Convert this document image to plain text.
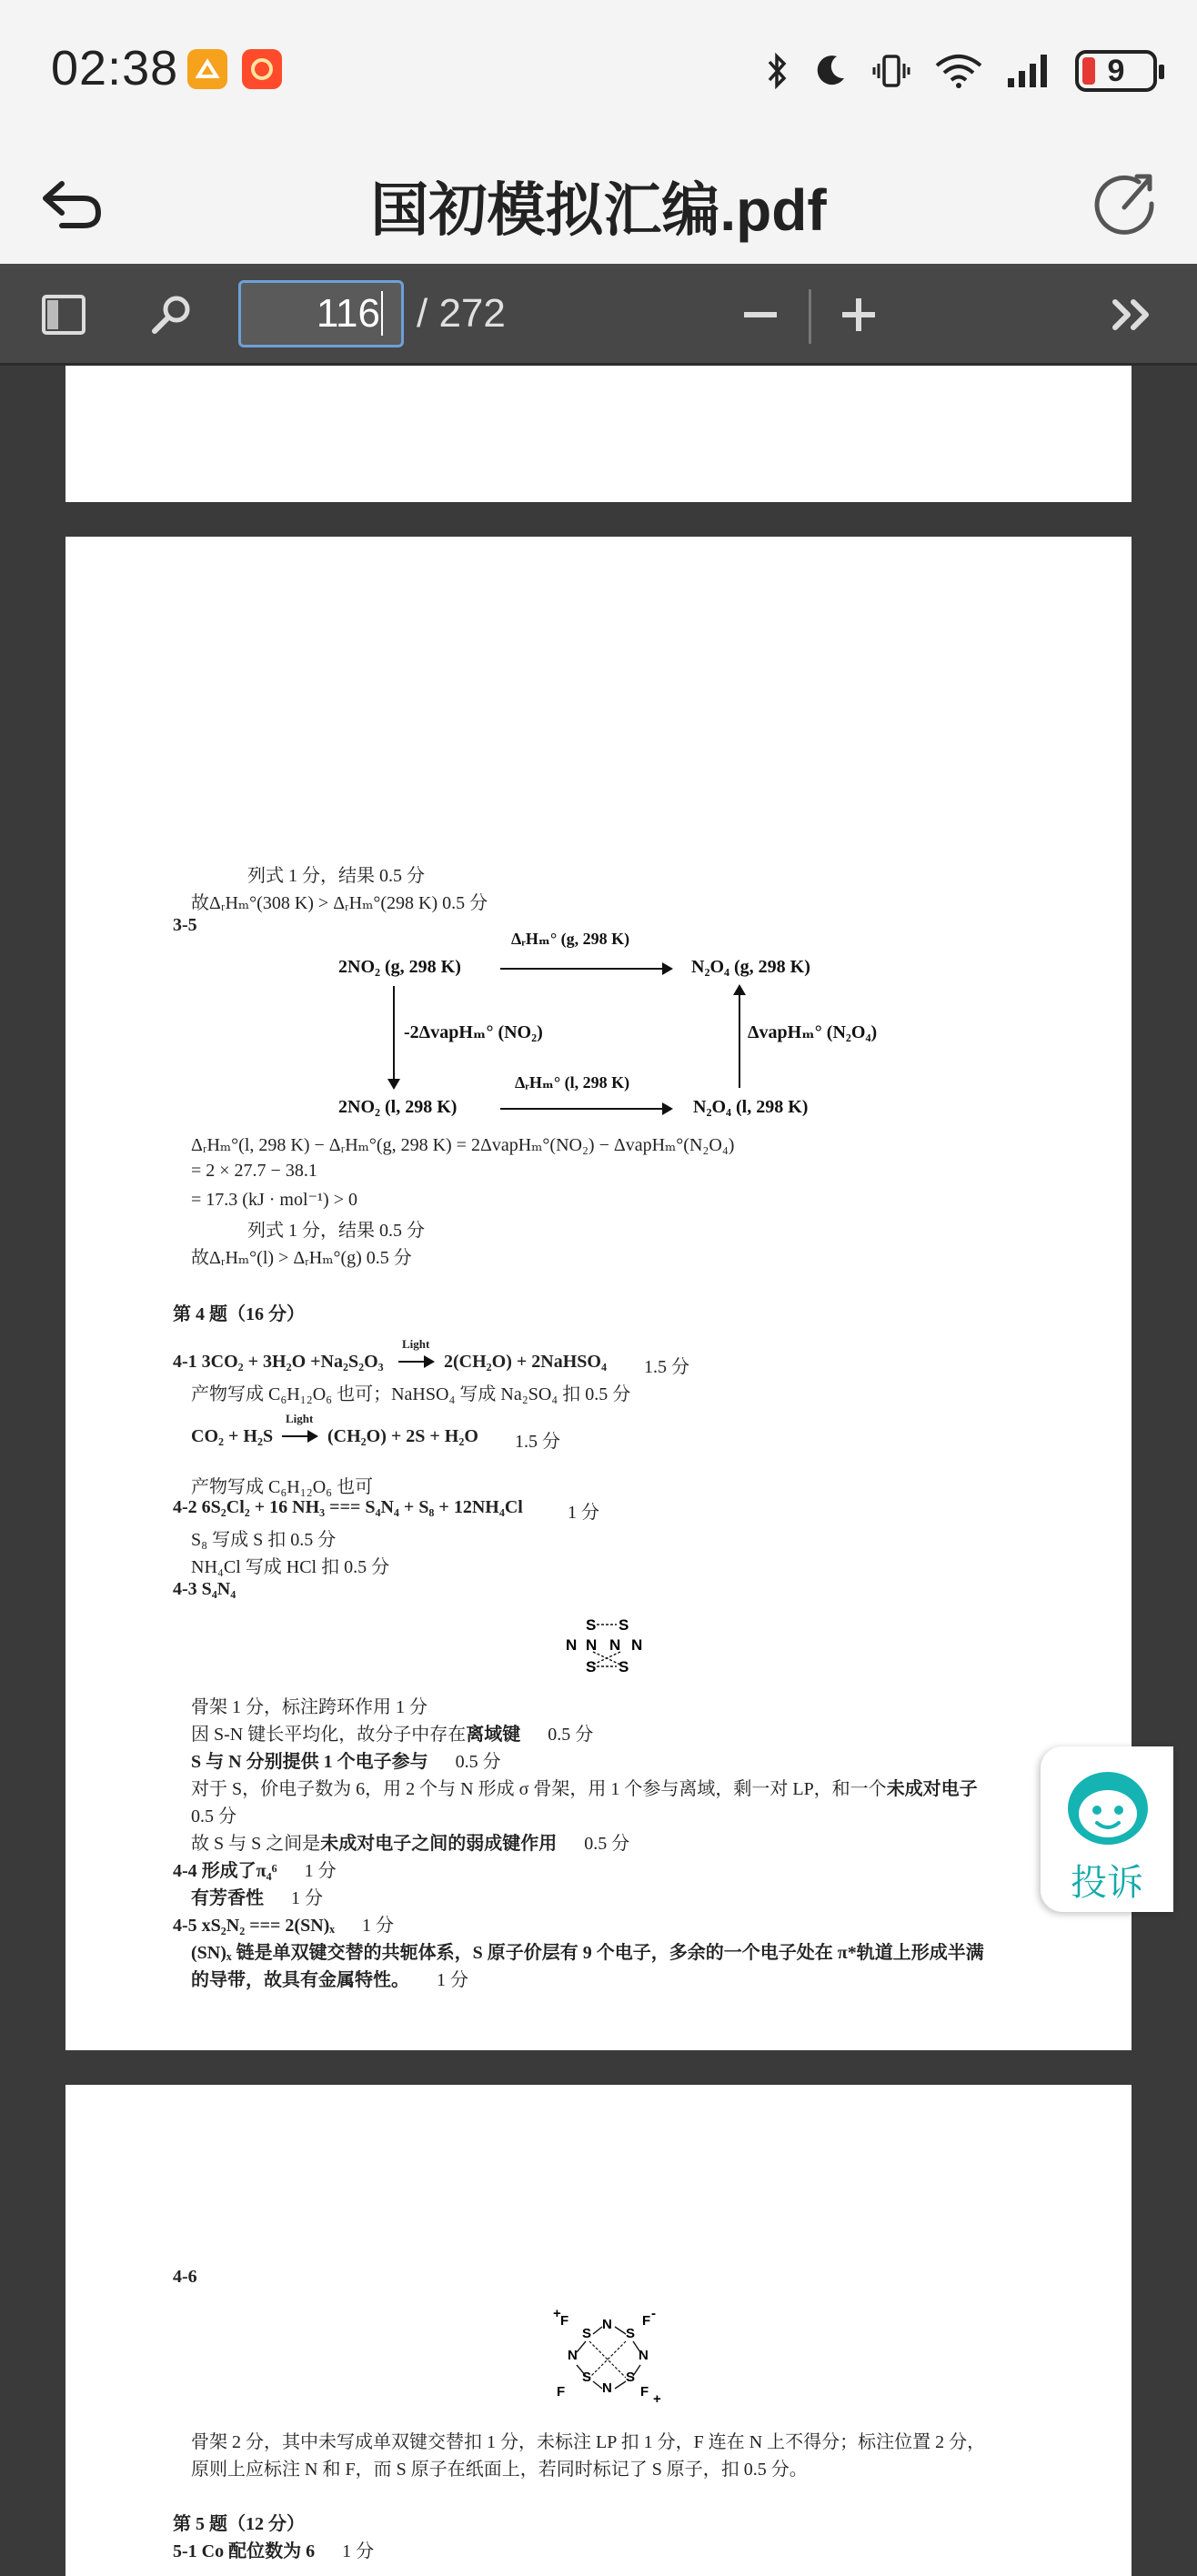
02:38	9
国初模拟汇编.pdf
116 / 272
列式 1 分，结果 0.5 分
故ΔᵣHₘ°(308 K) > ΔᵣHₘ°(298 K) 0.5 分
3-5
2NO₂ (g, 298 K)	N₂O₄ (g, 298 K)
ΔᵣHₘ° (g, 298 K)
-2ΔvapHₘ° (NO₂)	ΔvapHₘ° (N₂O₄)
2NO₂ (l, 298 K)	N₂O₄ (l, 298 K)
ΔᵣHₘ° (l, 298 K)
ΔᵣHₘ°(l, 298 K) − ΔᵣHₘ°(g, 298 K) = 2ΔvapHₘ°(NO₂) − ΔvapHₘ°(N₂O₄)
= 2 × 27.7 − 38.1
= 17.3 (kJ · mol⁻¹) > 0
列式 1 分，结果 0.5 分
故ΔᵣHₘ°(l) > ΔᵣHₘ°(g) 0.5 分
第 4 题（16 分）
4-1 3CO₂ + 3H₂O +Na₂S₂O₃
Light
→ 2(CH₂O) + 2NaHSO₄ 1.5 分
产物写成 C₆H₁₂O₆ 也可；NaHSO₄ 写成 Na₂SO₄ 扣 0.5 分
CO₂ + H₂S
Light
→ (CH₂O) + 2S + H₂O 1.5 分
产物写成 C₆H₁₂O₆ 也可
4-2 6S₂Cl₂ + 16 NH₃ === S₄N₄ + S₈ + 12NH₄Cl 1 分
S₈ 写成 S 扣 0.5 分
NH₄Cl 写成 HCl 扣 0.5 分
4-3 S₄N₄
S S
N N N N
S S
骨架 1 分，标注跨环作用 1 分
因 S-N 键长平均化，故分子中存在离域键 0.5 分
S 与 N 分别提供 1 个电子参与 0.5 分
对于 S，价电子数为 6，用 2 个与 N 形成 σ 骨架，用 1 个参与离域，剩一对 LP，和一个未成对电子
0.5 分
故 S 与 S 之间是未成对电子之间的弱成键作用 0.5 分
4-4 形成了π₄⁶ 1 分
有芳香性 1 分
4-5 xS₂N₂ === 2(SN)ₓ 1 分
(SN)ₓ 链是单双键交替的共轭体系，S 原子价层有 9 个电子，多余的一个电子处在 π*轨道上形成半满
的导带，故具有金属特性。 1 分
4-6
+ F	F -
S
N
S
N	N
S
N
S
F	F +
骨架 2 分，其中未写成单双键交替扣 1 分，未标注 LP 扣 1 分，F 连在 N 上不得分；标注位置 2 分，
原则上应标注 N 和 F，而 S 原子在纸面上，若同时标记了 S 原子，扣 0.5 分。
第 5 题（12 分）
5-1 Co 配位数为 6 1 分
投诉
